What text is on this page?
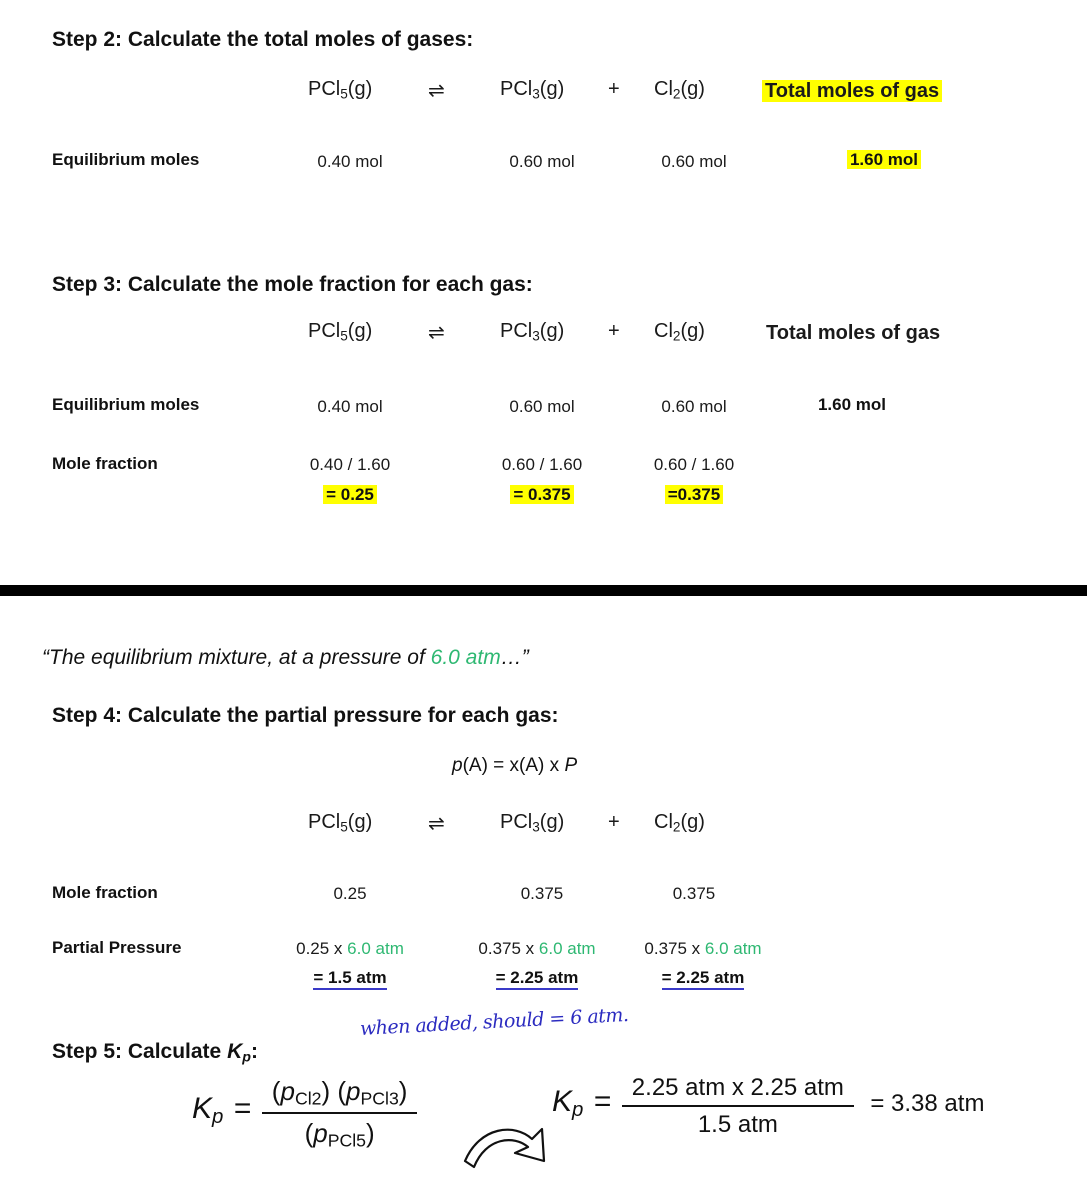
Step 2: Calculate the total moles of gases:
PCl$_5$(g)	⇌	$PCl_3(g) + Cl_2(g)$	Total moles of gas
Equilibrium moles	0.40 mol	0.60 mol	0.60 mol	1.60 mol
Step 3: Calculate the mole fraction for each gas:
PCl$_5$(g)	⇌	$PCl_3(g) + Cl_2(g)$	Total moles of gas
Equilibrium moles	0.40 mol	0.60 mol	0.60 mol	1.60 mol
Mole fraction	0.40 / 1.60	0.60 / 1.60	0.60 / 1.60
= 0.25	= 0.375	=0.375
“The equilibrium mixture, at a pressure of 6.0 atm…”
Step 4: Calculate the partial pressure for each gas:
p(A) = x(A) x P
PCl$_5$(g)	⇌	$PCl_3(g) + Cl_2(g)$
Mole fraction	0.25	0.375	0.375
Partial Pressure	0.25 x 6.0 atm	0.375 x 6.0 atm	0.375 x 6.0 atm
= 1.5 atm	= 2.25 atm	= 2.25 atm
when added, should = 6 atm.
Step 5: Calculate $K_p$:
$K_p = \frac{(p_{Cl2}) (p_{PCl3})}{(p_{PCl5})}$	$K_p = \frac{\text{2.25 atm x 2.25 atm}}{\text{1.5 atm}} = 3.38$ atm
